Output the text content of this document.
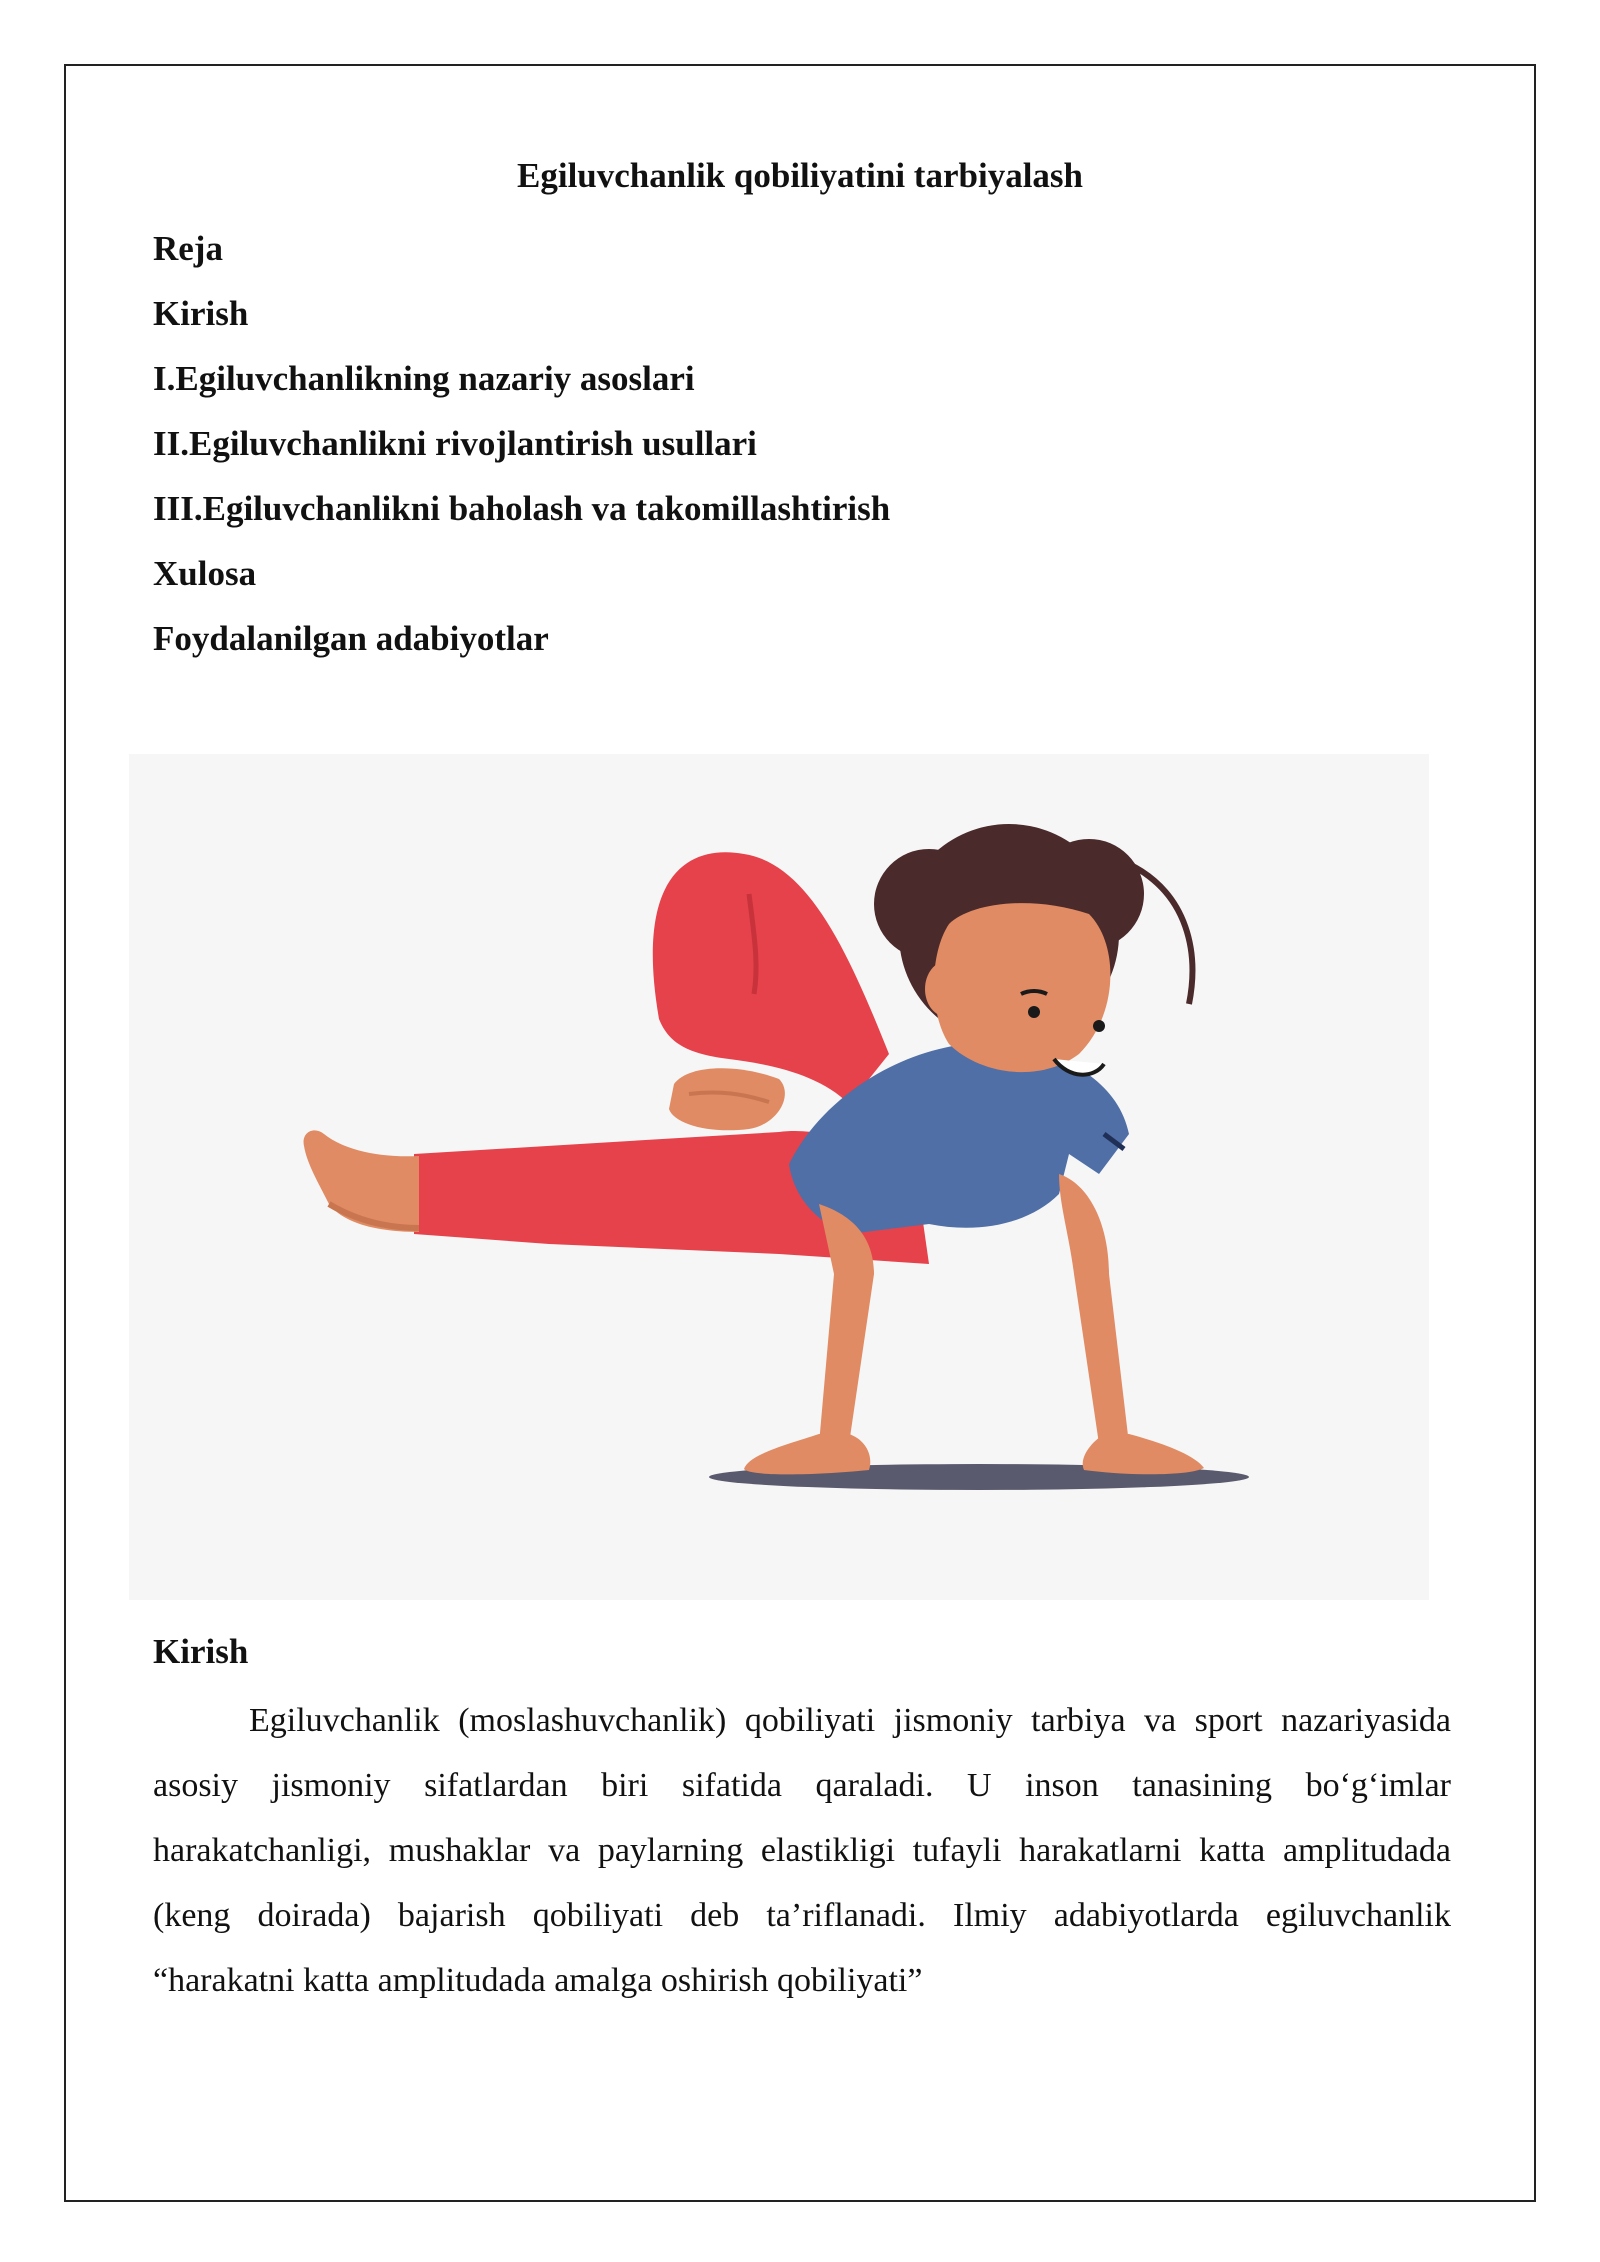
Egiluvchanlik qobiliyatini tarbiyalash
Reja
Kirish
I.Egiluvchanlikning nazariy asoslari
II.Egiluvchanlikni rivojlantirish usullari
III.Egiluvchanlikni baholash va takomillashtirish
Xulosa
Foydalanilgan adabiyotlar
Kirish

Egiluvchanlik (moslashuvchanlik) qobiliyati jismoniy tarbiya va sport nazariyasida asosiy jismoniy sifatlardan biri sifatida qaraladi. U inson tanasining bo‘g‘imlar harakatchanligi, mushaklar va paylarning elastikligi tufayli harakatlarni katta amplitudada (keng doirada) bajarish qobiliyati deb ta’riflanadi. Ilmiy adabiyotlarda egiluvchanlik “harakatni katta amplitudada amalga oshirish qobiliyati”
